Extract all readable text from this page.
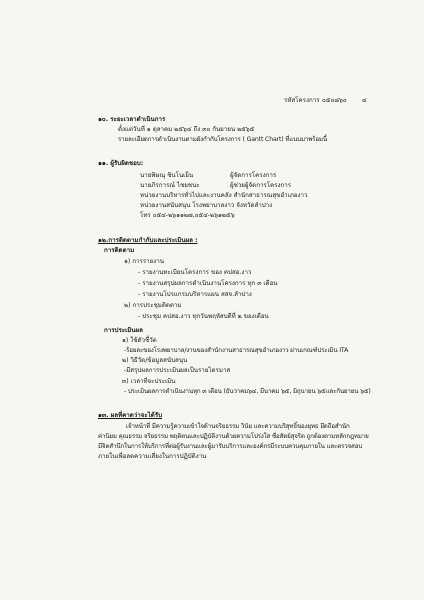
รหัสโครงการ ๐๕๐๘๖๐ ๔
๑๐. ระยะเวลาดำเนินการ
ตั้งแต่วันที่ ๑ ตุลาคม ๒๕๖๔ ถึง ๓๐ กันยายน ๒๕๖๕
รายละเอียดการดำเนินงานตามผังกำกับโครงการ ( Gantt Chart) ที่แนบมาพร้อมนี้
๑๑. ผู้รับผิดชอบ:
นายพิษณุ ชินโนเย็น	ผู้จัดการโครงการ
นายภิรการณ์ ไชยชนะ	ผู้ช่วยผู้จัดการโครงการ
หน่วยงานบริหารทั่วไปและงานคลัง สำนักสาธารณสุขอำเภองาว
หน่วยงานสนับสนุน โรงพยาบาลงาว จังหวัดลำปาง
โทร ๐๕๔-๒๖๑๑๒๗,๐๕๔-๒๖๑๒๕๖
๑๒.การติดตามกำกับและประเมินผล :
การติดตาม
๑) การรายงาน
- รายงานทะเบียนโครงการ ของ คปสอ.งาว
- รายงานสรุปผลการดำเนินงานโครงการ ทุก ๓ เดือน
- รายงานโปรแกรมบริหารแผน สสจ.ลำปาง
๒) การประชุมติดตาม
- ประชุม คปสอ.งาว ทุกวันพฤหัสบดีที่ ๒ ของเดือน
การประเมินผล
๑) ใช้ตัวชี้วัด
-ร้อยละของโรงพยาบาล/งานของสำนักงานสาธารณสุขอำเภองาว ผ่านเกณฑ์ประเมิน ITA
๒) วิธีวัด/ข้อมูลสนับสนุน
-มีสรุปผลการประเมินผลเป็นรายไตรมาส
๓) เวลาที่จะประเมิน
- ประเมินผลการดำเนินงานทุก ๓ เดือน (ธันวาคม๖๔, มีนาคม ๖๕, มิถุนายน ๖๕และกันยายน ๖๕)
๑๓. ผลที่คาดว่าจะได้รับ
เจ้าหน้าที่ มีความรู้ความเข้าใจด้านจริยธรรม วินัย และความบริสุทธิ์ของยุทธ ยึดถือสำนัก
ค่านิยม คุณธรรม จริยธรรม พฤติตนและปฏิบัติงานด้วยความโปร่งใส ซื่อสัตย์สุจริต ถูกต้องตามหลักกฎหมาย
มีจิตสำนึกในการให้บริการที่ต่อผู้รับงานและผู้มารับบริการและองค์กรมีระบบควบคุมภายใน และตรวจสอบ
ภายในเพื่อลดความเสี่ยงในการปฏิบัติงาน
